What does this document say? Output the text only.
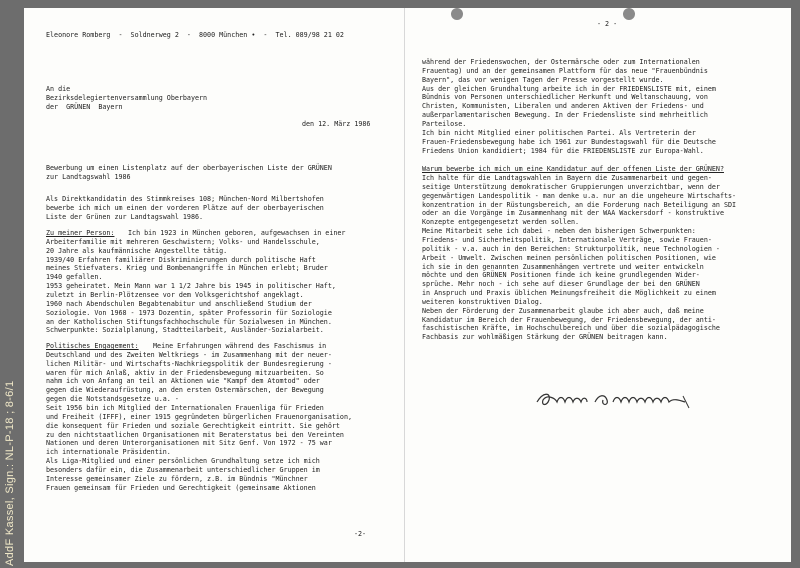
AddF Kassel, Sign.: NL-P-18 ; 8-6/1
Eleonore Romberg  -  Soldnerweg 2  -  8000 München •  -  Tel. 089/98 21 02
An die
Bezirksdelegiertenversammlung Oberbayern
der  GRÜNEN  Bayern
den 12. März 1986
Bewerbung um einen Listenplatz auf der oberbayerischen Liste der GRÜNEN
zur Landtagswahl 1986
Als Direktkandidatin des Stimmkreises 108; München-Nord Milbertshofen
bewerbe ich mich um einen der vorderen Plätze auf der oberbayerischen
Liste der Grünen zur Landtagswahl 1986.
Zu meiner Person: Ich bin 1923 in München geboren, aufgewachsen in einer
Arbeiterfamilie mit mehreren Geschwistern; Volks- und Handelsschule,
20 Jahre als kaufmännische Angestellte tätig.
1939/40 Erfahren familiärer Diskriminierungen durch politische Haft
meines Stiefvaters. Krieg und Bombenangriffe in München erlebt; Bruder
1940 gefallen.
1953 geheiratet. Mein Mann war 1 1/2 Jahre bis 1945 in politischer Haft,
zuletzt in Berlin-Plötzensee vor dem Volksgerichtshof angeklagt.
1960 nach Abendschulen Begabtenabitur und anschließend Studium der
Soziologie. Von 1968 - 1973 Dozentin, später Professorin für Soziologie
an der Katholischen Stiftungsfachhochschule für Sozialwesen in München.
Schwerpunkte: Sozialplanung, Stadtteilarbeit, Ausländer-Sozialarbeit.
Politisches Engagement: Meine Erfahrungen während des Faschismus in
Deutschland und des Zweiten Weltkriegs - im Zusammenhang mit der neuer-
lichen Militär- und Wirtschafts-Nachkriegspolitik der Bundesregierung -
waren für mich Anlaß, aktiv in der Friedensbewegung mitzuarbeiten. So
nahm ich von Anfang an teil an Aktionen wie "Kampf dem Atomtod" oder
gegen die Wiederaufrüstung, an den ersten Ostermärschen, der Bewegung
gegen die Notstandsgesetze u.a. -
Seit 1956 bin ich Mitglied der Internationalen Frauenliga für Frieden
und Freiheit (IFFF), einer 1915 gegründeten bürgerlichen Frauenorganisation,
die konsequent für Frieden und soziale Gerechtigkeit eintritt. Sie gehört
zu den nichtstaatlichen Organisationen mit Beraterstatus bei den Vereinten
Nationen und deren Unterorganisationen mit Sitz Genf. Von 1972 - 75 war
ich internationale Präsidentin.
Als Liga-Mitglied und einer persönlichen Grundhaltung setze ich mich
besonders dafür ein, die Zusammenarbeit unterschiedlicher Gruppen im
Interesse gemeinsamer Ziele zu fördern, z.B. im Bündnis "Münchner
Frauen gemeinsam für Frieden und Gerechtigkeit (gemeinsame Aktionen
-2-
- 2 -
während der Friedenswochen, der Ostermärsche oder zum Internationalen
Frauentag) und an der gemeinsamen Plattform für das neue "Frauenbündnis
Bayern", das vor wenigen Tagen der Presse vorgestellt wurde.
Aus der gleichen Grundhaltung arbeite ich in der FRIEDENSLISTE mit, einem
Bündnis von Personen unterschiedlicher Herkunft und Weltanschauung, von
Christen, Kommunisten, Liberalen und anderen Aktiven der Friedens- und
außerparlamentarischen Bewegung. In der Friedensliste sind mehrheitlich
Parteilose.
Ich bin nicht Mitglied einer politischen Partei. Als Vertreterin der
Frauen-Friedensbewegung habe ich 1961 zur Bundestagswahl für die Deutsche
Friedens Union kandidiert; 1984 für die FRIEDENSLISTE zur Europa-Wahl.
Warum bewerbe ich mich um eine Kandidatur auf der offenen Liste der GRÜNEN?
Ich halte für die Landtagswahlen in Bayern die Zusammenarbeit und gegen-
seitige Unterstützung demokratischer Gruppierungen unverzichtbar, wenn der
gegenwärtigen Landespolitik - man denke u.a. nur an die ungeheure Wirtschafts-
konzentration in der Rüstungsbereich, an die Forderung nach Beteiligung an SDI
oder an die Vorgänge im Zusammenhang mit der WAA Wackersdorf - konstruktive
Konzepte entgegengesetzt werden sollen.
Meine Mitarbeit sehe ich dabei - neben den bisherigen Schwerpunkten:
Friedens- und Sicherheitspolitik, Internationale Verträge, sowie Frauen-
politik - v.a. auch in den Bereichen: Strukturpolitik, neue Technologien -
Arbeit - Umwelt. Zwischen meinen persönlichen politischen Positionen, wie
ich sie in den genannten Zusammenhängen vertrete und weiter entwickeln
möchte und den GRÜNEN Positionen finde ich keine grundlegenden Wider-
sprüche. Mehr noch - ich sehe auf dieser Grundlage der bei den GRÜNEN
in Anspruch und Praxis üblichen Meinungsfreiheit die Möglichkeit zu einem
weiteren konstruktiven Dialog.
Neben der Förderung der Zusammenarbeit glaube ich aber auch, daß meine
Kandidatur im Bereich der Frauenbewegung, der Friedensbewegung, der anti-
faschistischen Kräfte, im Hochschulbereich und über die sozialpädagogische
Fachbasis zur wohlmäßigen Stärkung der GRÜNEN beitragen kann.
